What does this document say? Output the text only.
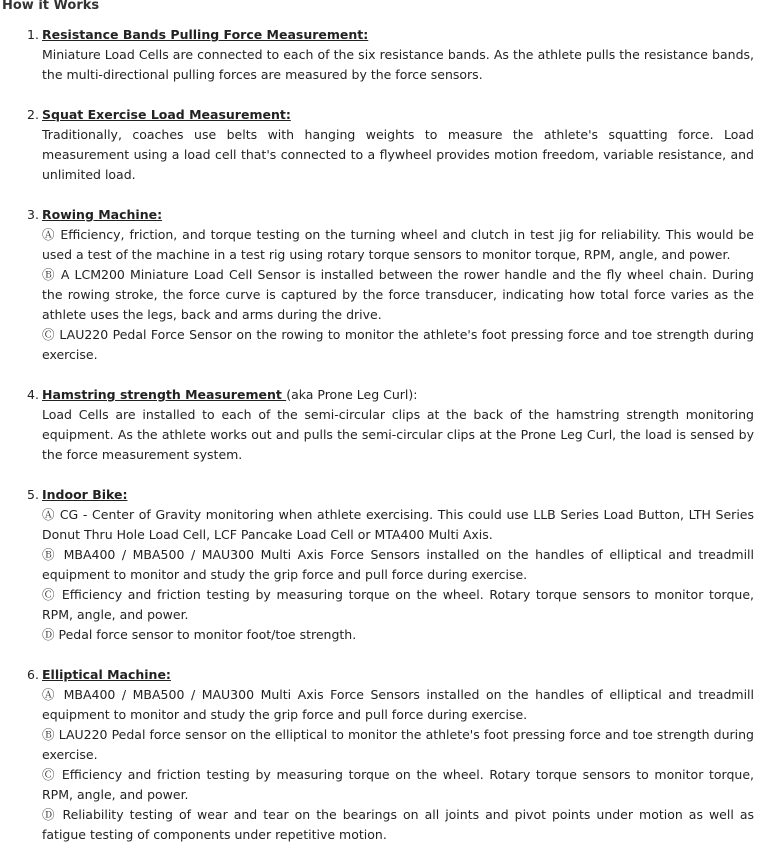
How it Works
1. Resistance Bands Pulling Force Measurement:
Miniature Load Cells are connected to each of the six resistance bands. As the athlete pulls the resistance bands, the multi-directional pulling forces are measured by the force sensors.
2. Squat Exercise Load Measurement:
Traditionally, coaches use belts with hanging weights to measure the athlete's squatting force. Load measurement using a load cell that's connected to a flywheel provides motion freedom, variable resistance, and unlimited load.
3. Rowing Machine:
Ⓐ Efficiency, friction, and torque testing on the turning wheel and clutch in test jig for reliability. This would be used a test of the machine in a test rig using rotary torque sensors to monitor torque, RPM, angle, and power.
Ⓑ A LCM200 Miniature Load Cell Sensor is installed between the rower handle and the fly wheel chain. During the rowing stroke, the force curve is captured by the force transducer, indicating how total force varies as the athlete uses the legs, back and arms during the drive.
Ⓒ LAU220 Pedal Force Sensor on the rowing to monitor the athlete's foot pressing force and toe strength during exercise.
4. Hamstring strength Measurement (aka Prone Leg Curl):
Load Cells are installed to each of the semi-circular clips at the back of the hamstring strength monitoring equipment. As the athlete works out and pulls the semi-circular clips at the Prone Leg Curl, the load is sensed by the force measurement system.
5. Indoor Bike:
Ⓐ CG - Center of Gravity monitoring when athlete exercising. This could use LLB Series Load Button, LTH Series Donut Thru Hole Load Cell, LCF Pancake Load Cell or MTA400 Multi Axis.
Ⓑ MBA400 / MBA500 / MAU300 Multi Axis Force Sensors installed on the handles of elliptical and treadmill equipment to monitor and study the grip force and pull force during exercise.
Ⓒ Efficiency and friction testing by measuring torque on the wheel. Rotary torque sensors to monitor torque, RPM, angle, and power.
Ⓓ Pedal force sensor to monitor foot/toe strength.
6. Elliptical Machine:
Ⓐ MBA400 / MBA500 / MAU300 Multi Axis Force Sensors installed on the handles of elliptical and treadmill equipment to monitor and study the grip force and pull force during exercise.
Ⓑ LAU220 Pedal force sensor on the elliptical to monitor the athlete's foot pressing force and toe strength during exercise.
Ⓒ Efficiency and friction testing by measuring torque on the wheel. Rotary torque sensors to monitor torque, RPM, angle, and power.
Ⓓ Reliability testing of wear and tear on the bearings on all joints and pivot points under motion as well as fatigue testing of components under repetitive motion.
